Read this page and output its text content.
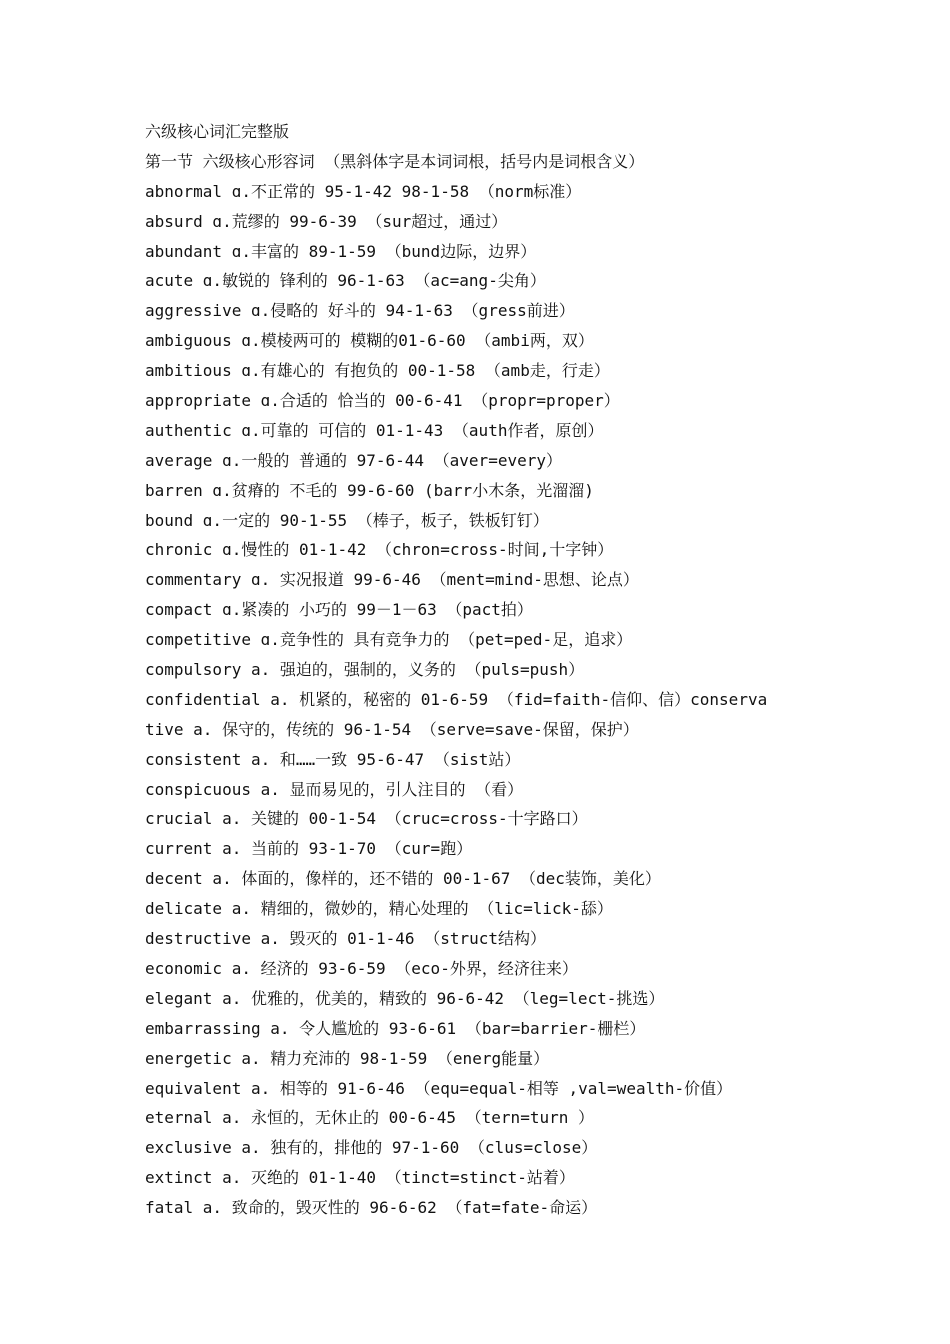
六级核心词汇完整版
第一节 六级核心形容词 （黑斜体字是本词词根，括号内是词根含义）
abnormal ɑ.不正常的 95-1-42 98-1-58 （norm标准）
absurd ɑ.荒缪的 99-6-39 （sur超过，通过）
abundant ɑ.丰富的 89-1-59 （bund边际，边界）
acute ɑ.敏锐的 锋利的 96-1-63 （ac=ang-尖角）
aggressive ɑ.侵略的 好斗的 94-1-63 （gress前进）
ambiguous ɑ.模棱两可的 模糊的01-6-60 （ambi两，双）
ambitious ɑ.有雄心的 有抱负的 00-1-58 （amb走，行走）
appropriate ɑ.合适的 恰当的 00-6-41 （propr=proper）
authentic ɑ.可靠的 可信的 01-1-43 （auth作者，原创）
average ɑ.一般的 普通的 97-6-44 （aver=every）
barren ɑ.贫瘠的 不毛的 99-6-60 (barr小木条，光溜溜)
bound ɑ.一定的 90-1-55 （棒子，板子，铁板钉钉）
chronic ɑ.慢性的 01-1-42 （chron=cross-时间,十字钟）
commentary ɑ. 实况报道 99-6-46 （ment=mind-思想、论点）
compact ɑ.紧凑的 小巧的 99－1－63 （pact拍）
competitive ɑ.竞争性的 具有竞争力的 （pet=ped-足，追求）
compulsory a. 强迫的，强制的，义务的 （puls=push）
confidential a. 机紧的，秘密的 01-6-59 （fid=faith-信仰、信）conserva
tive a. 保守的，传统的 96-1-54 （serve=save-保留，保护）
consistent a. 和……一致 95-6-47 （sist站）
conspicuous a. 显而易见的，引人注目的 （看）
crucial a. 关键的 00-1-54 （cruc=cross-十字路口）
current a. 当前的 93-1-70 （cur=跑）
decent a. 体面的，像样的，还不错的 00-1-67 （dec装饰，美化）
delicate a. 精细的，微妙的，精心处理的 （lic=lick-舔）
destructive a. 毁灭的 01-1-46 （struct结构）
economic a. 经济的 93-6-59 （eco-外界，经济往来）
elegant a. 优雅的，优美的，精致的 96-6-42 （leg=lect-挑选）
embarrassing a. 令人尴尬的 93-6-61 （bar=barrier-栅栏）
energetic a. 精力充沛的 98-1-59 （energ能量）
equivalent a. 相等的 91-6-46 （equ=equal-相等 ,val=wealth-价值）
eternal a. 永恒的，无休止的 00-6-45 （tern=turn ）
exclusive a. 独有的，排他的 97-1-60 （clus=close）
extinct a. 灭绝的 01-1-40 （tinct=stinct-站着）
fatal a. 致命的，毁灭性的 96-6-62 （fat=fate-命运）
